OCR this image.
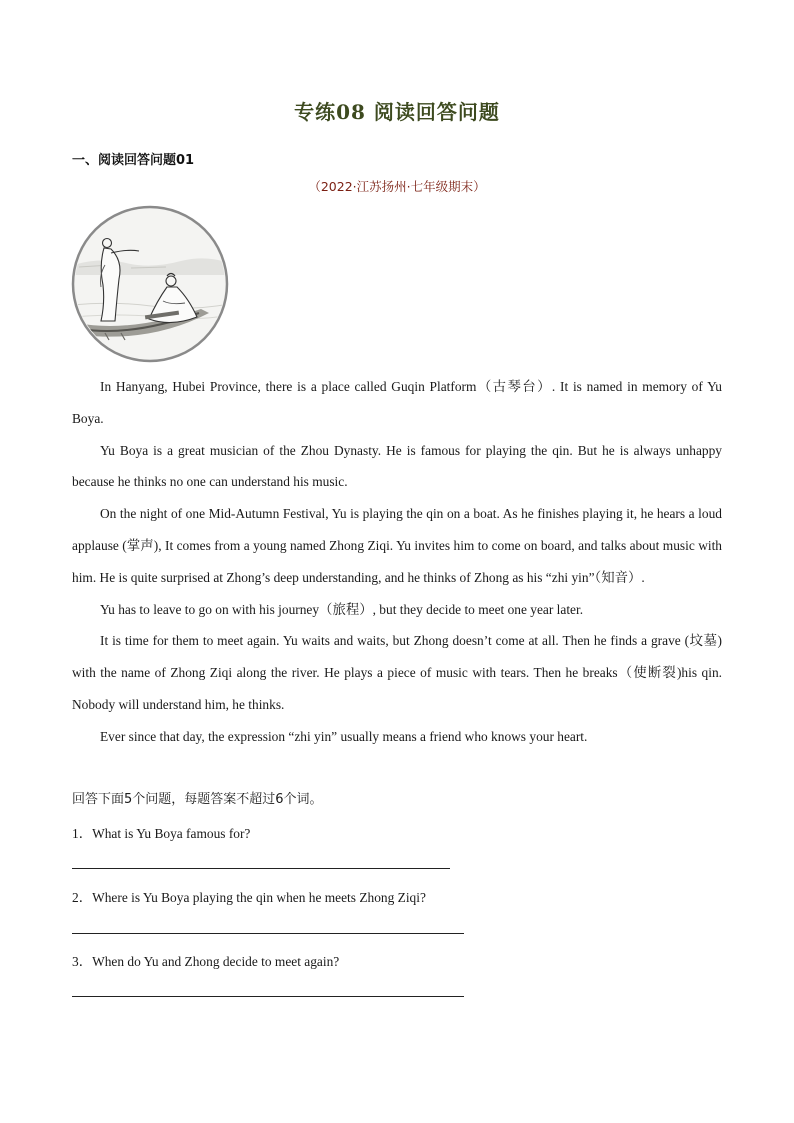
专练08 阅读回答问题
一、阅读回答问题01
（2022·江苏扬州·七年级期末）

In Hanyang, Hubei Province, there is a place called Guqin Platform（古琴台）. It is named in memory of Yu Boya.

Yu Boya is a great musician of the Zhou Dynasty. He is famous for playing the qin. But he is always unhappy because he thinks no one can understand his music.

On the night of one Mid-Autumn Festival, Yu is playing the qin on a boat. As he finishes playing it, he hears a loud applause (掌声), It comes from a young named Zhong Ziqi. Yu invites him to come on board, and talks about music with him. He is quite surprised at Zhong’s deep understanding, and he thinks of Zhong as his “zhi yin”（知音）.

Yu has to leave to go on with his journey（旅程）, but they decide to meet one year later.

It is time for them to meet again. Yu waits and waits, but Zhong doesn’t come at all. Then he finds a grave (坟墓) with the name of Zhong Ziqi along the river. He plays a piece of music with tears. Then he breaks（使断裂)his qin. Nobody will understand him, he thinks.

Ever since that day, the expression “zhi yin” usually means a friend who knows your heart.

回答下面5个问题，每题答案不超过6个词。
1．What is Yu Boya famous for?
2．Where is Yu Boya playing the qin when he meets Zhong Ziqi?
3．When do Yu and Zhong decide to meet again?
